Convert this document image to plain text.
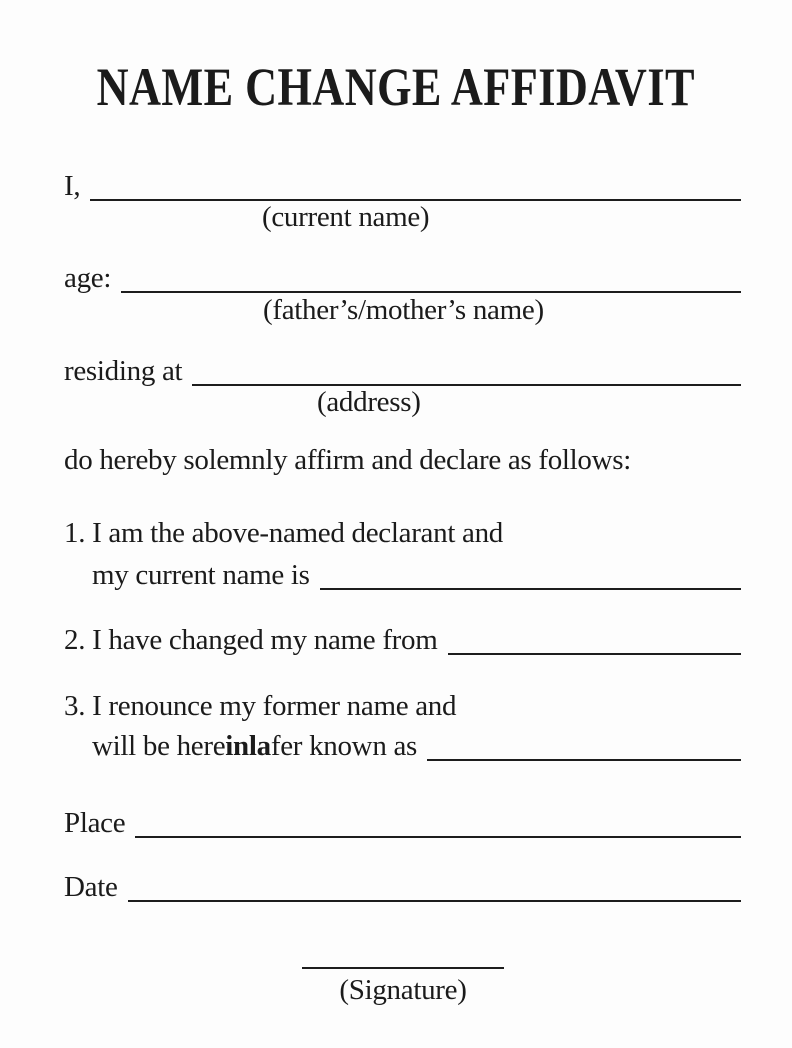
NAME CHANGE AFFIDAVIT
I,
(current name)
age:
(father’s/mother’s name)
residing at
(address)
do hereby solemnly affirm and declare as follows:
1. I am the above-named declarant and
my current name is
2. I have changed my name from
3. I renounce my former name and
will be here inla fer known as
Place
Date
(Signature)
